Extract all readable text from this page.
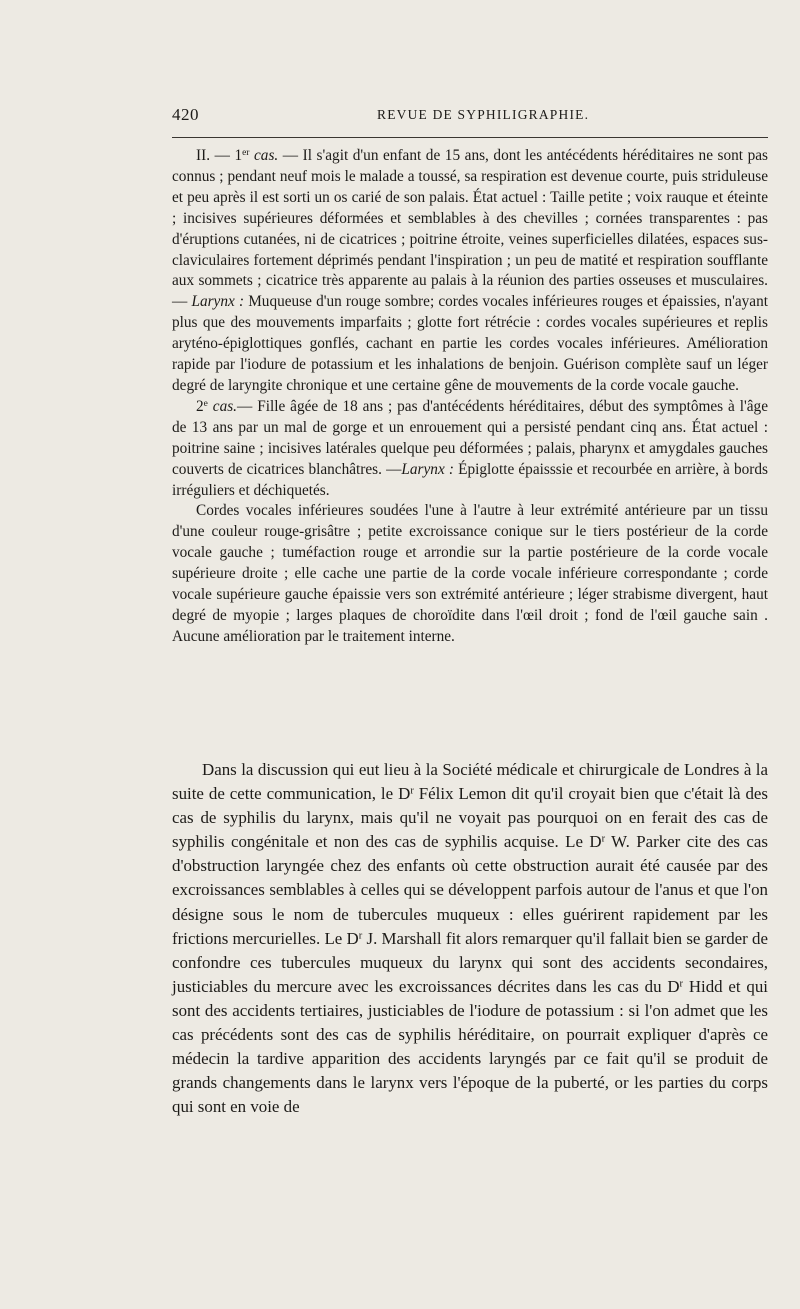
420	REVUE DE SYPHILIGRAPHIE.

II. — 1er cas. — Il s'agit d'un enfant de 15 ans, dont les antécédents héréditaires ne sont pas connus ; pendant neuf mois le malade a toussé, sa respiration est devenue courte, puis striduleuse et peu après il est sorti un os carié de son palais. État actuel : Taille petite ; voix rauque et éteinte ; incisives supérieures déformées et semblables à des chevilles ; cornées transparentes : pas d'éruptions cutanées, ni de cicatrices ; poitrine étroite, veines superficielles dilatées, espaces sus-claviculaires fortement déprimés pendant l'inspiration ; un peu de matité et respiration soufflante aux sommets ; cicatrice très apparente au palais à la réunion des parties osseuses et musculaires. — Larynx : Muqueuse d'un rouge sombre; cordes vocales inférieures rouges et épaissies, n'ayant plus que des mouvements imparfaits ; glotte fort rétrécie : cordes vocales supérieures et replis aryténo-épiglottiques gonflés, cachant en partie les cordes vocales inférieures. Amélioration rapide par l'iodure de potassium et les inhalations de benjoin. Guérison complète sauf un léger degré de laryngite chronique et une certaine gêne de mouvements de la corde vocale gauche.

2e cas.— Fille âgée de 18 ans ; pas d'antécédents héréditaires, début des symptômes à l'âge de 13 ans par un mal de gorge et un enrouement qui a persisté pendant cinq ans. État actuel : poitrine saine ; incisives latérales quelque peu déformées ; palais, pharynx et amygdales gauches couverts de cicatrices blanchâtres. —Larynx : Épiglotte épaisssie et recourbée en arrière, à bords irréguliers et déchiquetés.

Cordes vocales inférieures soudées l'une à l'autre à leur extrémité antérieure par un tissu d'une couleur rouge-grisâtre ; petite excroissance conique sur le tiers postérieur de la corde vocale gauche ; tuméfaction rouge et arrondie sur la partie postérieure de la corde vocale supérieure droite ; elle cache une partie de la corde vocale inférieure correspondante ; corde vocale supérieure gauche épaissie vers son extrémité antérieure ; léger strabisme divergent, haut degré de myopie ; larges plaques de choroïdite dans l'œil droit ; fond de l'œil gauche sain . Aucune amélioration par le traitement interne.

Dans la discussion qui eut lieu à la Société médicale et chirurgicale de Londres à la suite de cette communication, le $D^r$ Félix Lemon dit qu'il croyait bien que c'était là des cas de syphilis du larynx, mais qu'il ne voyait pas pourquoi on en ferait des cas de syphilis congénitale et non des cas de syphilis acquise. Le $D^r$ W. Parker cite des cas d'obstruction laryngée chez des enfants où cette obstruction aurait été causée par des excroissances semblables à celles qui se développent parfois autour de l'anus et que l'on désigne sous le nom de tubercules muqueux : elles guérirent rapidement par les frictions mercurielles. Le $D^r$ J. Marshall fit alors remarquer qu'il fallait bien se garder de confondre ces tubercules muqueux du larynx qui sont des accidents secondaires, justiciables du mercure avec les excroissances décrites dans les cas du $D^r$ Hidd et qui sont des accidents tertiaires, justiciables de l'iodure de potassium : si l'on admet que les cas précédents sont des cas de syphilis héréditaire, on pourrait expliquer d'après ce médecin la tardive apparition des accidents laryngés par ce fait qu'il se produit de grands changements dans le larynx vers l'époque de la puberté, or les parties du corps qui sont en voie de
